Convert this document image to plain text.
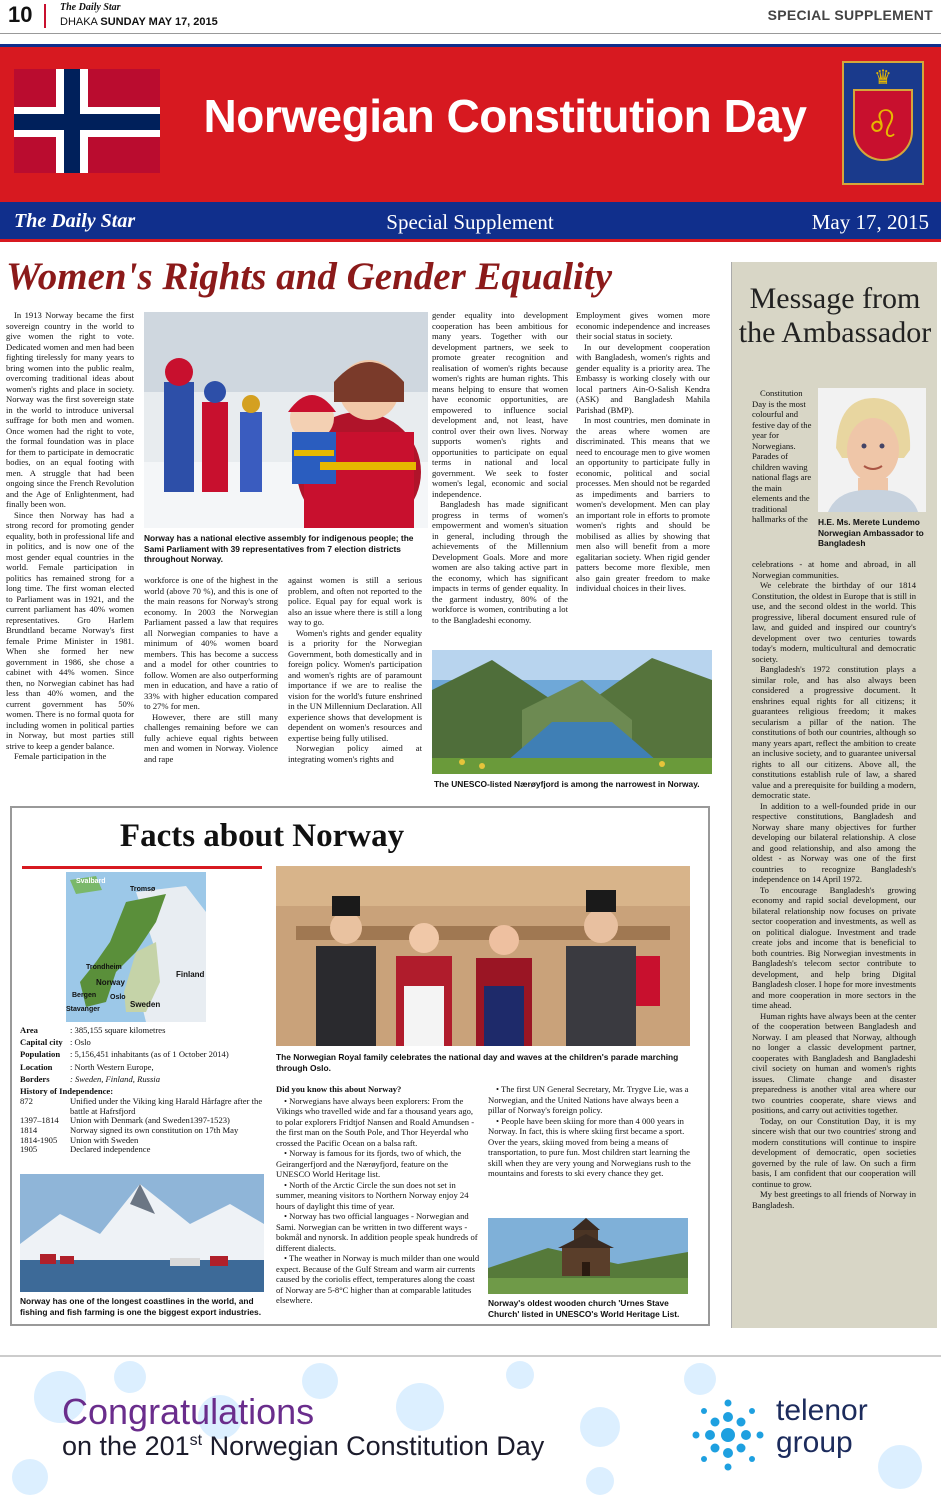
10	The Daily Star
DHAKA SUNDAY MAY 17, 2015	SPECIAL SUPPLEMENT
Norwegian Constitution Day
♛
♌
The Daily Star	Special Supplement	May 17, 2015
Women's Rights and Gender Equality

In 1913 Norway became the first sovereign country in the world to give women the right to vote. Dedicated women and men had been fighting tirelessly for many years to bring women into the public realm, overcoming traditional ideas about women's rights and place in society. Norway was the first sovereign state in the world to introduce universal suffrage for both men and women. Once women had the right to vote, the formal foundation was in place for them to participate in democratic bodies, on an equal footing with men. A struggle that had been ongoing since the French Revolution and the Age of Enlightenment, had finally been won.

Since then Norway has had a strong record for promoting gender equality, both in professional life and in politics, and is now one of the most gender equal countries in the world. Female participation in politics has remained strong for a long time. The first woman elected to Parliament was in 1921, and the current parliament has 40% women representatives. Gro Harlem Brundtland became Norway's first female Prime Minister in 1981. When she formed her new government in 1986, she chose a cabinet with 44% women. Since then, no Norwegian cabinet has had less than 40% women, and the current government has 50% women. There is no formal quota for including women in political parties in Norway, but most parties still strive to keep a gender balance.

Female participation in the

Norway has a national elective assembly for indigenous people; the Sami Parliament with 39 representatives from 7 election districts throughout Norway.

workforce is one of the highest in the world (above 70 %), and this is one of the main reasons for Norway's strong economy. In 2003 the Norwegian Parliament passed a law that requires all Norwegian companies to have a minimum of 40% women board members. This has become a success and a model for other countries to follow. Women are also outperforming men in education, and have a ratio of 33% with higher education compared to 27% for men.

However, there are still many challenges remaining before we can fully achieve equal rights between men and women in Norway. Violence and rape

against women is still a serious problem, and often not reported to the police. Equal pay for equal work is also an issue where there is still a long way to go.

Women's rights and gender equality is a priority for the Norwegian Government, both domestically and in foreign policy. Women's participation and women's rights are of paramount importance if we are to realise the vision for the world's future enshrined in the UN Millennium Declaration. All experience shows that development is dependent on women's resources and expertise being fully utilised.

Norwegian policy aimed at integrating women's rights and

gender equality into development cooperation has been ambitious for many years. Together with our development partners, we seek to promote greater recognition and realisation of women's rights because women's rights are human rights. This means helping to ensure that women have economic opportunities, are empowered to influence social development and, not least, have control over their own lives. Norway supports women's rights and opportunities to participate on equal terms in national and local government. We seek to foster women's legal, economic and social independence.

Bangladesh has made significant progress in terms of women's empowerment and women's situation in general, including through the achievements of the Millennium Development Goals. More and more women are also taking active part in the economy, which has significant impacts in terms of gender equality. In the garment industry, 80% of the workforce is women, contributing a lot to the Bangladeshi economy.

Employment gives women more economic independence and increases their social status in society.

In our development cooperation with Bangladesh, women's rights and gender equality is a priority area. The Embassy is working closely with our local partners Ain-O-Salish Kendra (ASK) and Bangladesh Mahila Parishad (BMP).

In most countries, men dominate in the areas where women are discriminated. This means that we need to encourage men to give women an opportunity to participate fully in economic, political and social processes. Men should not be regarded as impediments and barriers to women's development. Men can play an important role in efforts to promote women's rights and should be mobilised as allies by showing that men also will benefit from a more egalitarian society. When rigid gender patters become more flexible, men also gain greater freedom to make individual choices in their lives.

The UNESCO-listed Nærøyfjord is among the narrowest in Norway.
Message from the Ambassador
H.E. Ms. Merete Lundemo Norwegian Ambassador to Bangladesh

Constitution Day is the most colourful and festive day of the year for Norwegians. Parades of children waving national flags are the main elements and the traditional hallmarks of the

celebrations - at home and abroad, in all Norwegian communities.

We celebrate the birthday of our 1814 Constitution, the oldest in Europe that is still in use, and the second oldest in the world. This progressive, liberal document ensured rule of law, and guided and inspired our country's development over two centuries towards today's modern, multicultural and democratic society.

Bangladesh's 1972 constitution plays a similar role, and has also always been considered a progressive document. It enshrines equal rights for all citizens; it guarantees religious freedom; it makes secularism a pillar of the nation. The constitutions of both our countries, although so many years apart, reflect the ambition to create an inclusive society, and to guarantee universal rights to all our citizens. Above all, the constitutions establish rule of law, a shared value and a prerequisite for building a modern, democratic state.

In addition to a well-founded pride in our respective constitutions, Bangladesh and Norway share many objectives for further developing our bilateral relationship. A close and good relationship, and also among the oldest - as Norway was one of the first countries to recognize Bangladesh's independence on 14 April 1972.

To encourage Bangladesh's growing economy and rapid social development, our bilateral relationship now focuses on private sector cooperation and investments, as well as on political dialogue. Investment and trade create jobs and income that is beneficial to both countries. Big Norwegian investments in Bangladesh's telecom sector contribute to development, and help bring Digital Bangladesh closer. I hope for more investments and more cooperation in more sectors in the time ahead.

Human rights have always been at the center of the cooperation between Bangladesh and Norway. I am pleased that Norway, although no longer a classic development partner, cooperates with Bangladesh and Bangladeshi civil society on human and women's rights issues. Climate change and disaster preparedness is another vital area where our two countries cooperate, share views and positions, and carry out activities together.

Today, on our Constitution Day, it is my sincere wish that our two countries' strong and modern constitutions will continue to inspire development of democratic, open societies governed by the rule of law. On such a firm basis, I am confident that our cooperation will continue to grow.

My best greetings to all friends of Norway in Bangladesh.

Facts about Norway
Svalbard
Tromsø
Trondheim
Norway
Finland
Bergen Oslo
Sweden
Stavanger
Area	: 385,155 square kilometres
Capital city : Oslo
Population : 5,156,451 inhabitants (as of 1 October 2014)
Location : North Western Europe,
Borders : Sweden, Finland, Russia
History of Independence:
872	Unified under the Viking king Harald Hårfagre after the battle at Hafrsfjord
1397–1814	Union with Denmark (and Sweden1397-1523)
1814	Norway signed its own constitution on 17th May
1814-1905	Union with Sweden
1905	Declared independence
Norway has one of the longest coastlines in the world, and fishing and fish farming is one the biggest export industries.
The Norwegian Royal family celebrates the national day and waves at the children's parade marching through Oslo.
Did you know this about Norway?

• Norwegians have always been explorers: From the Vikings who travelled wide and far a thousand years ago, to polar explorers Fridtjof Nansen and Roald Amundsen - the first man on the South Pole, and Thor Heyerdal who crossed the Pacific Ocean on a balsa raft.

• Norway is famous for its fjords, two of which, the Geirangerfjord and the Nærøyfjord, feature on the UNESCO World Heritage list.

• North of the Arctic Circle the sun does not set in summer, meaning visitors to Northern Norway enjoy 24 hours of daylight this time of year.

• Norway has two official languages - Norwegian and Sami. Norwegian can be written in two different ways - bokmål and nynorsk. In addition people speak hundreds of different dialects.

• The weather in Norway is much milder than one would expect. Because of the Gulf Stream and warm air currents caused by the coriolis effect, temperatures along the coast of Norway are 5-8°C higher than at comparable latitudes elsewhere.

• The first UN General Secretary, Mr. Trygve Lie, was a Norwegian, and the United Nations have always been a pillar of Norway's foreign policy.

• People have been skiing for more than 4 000 years in Norway. In fact, this is where skiing first became a sport. Over the years, skiing moved from being a means of transportation, to pure fun. Most children start learning the skill when they are very young and Norwegians rush to the mountains and forests to ski every chance they get.

Norway's oldest wooden church 'Urnes Stave Church' listed in UNESCO's World Heritage List.
Congratulations
on the 201st Norwegian Constitution Day
telenor
group
